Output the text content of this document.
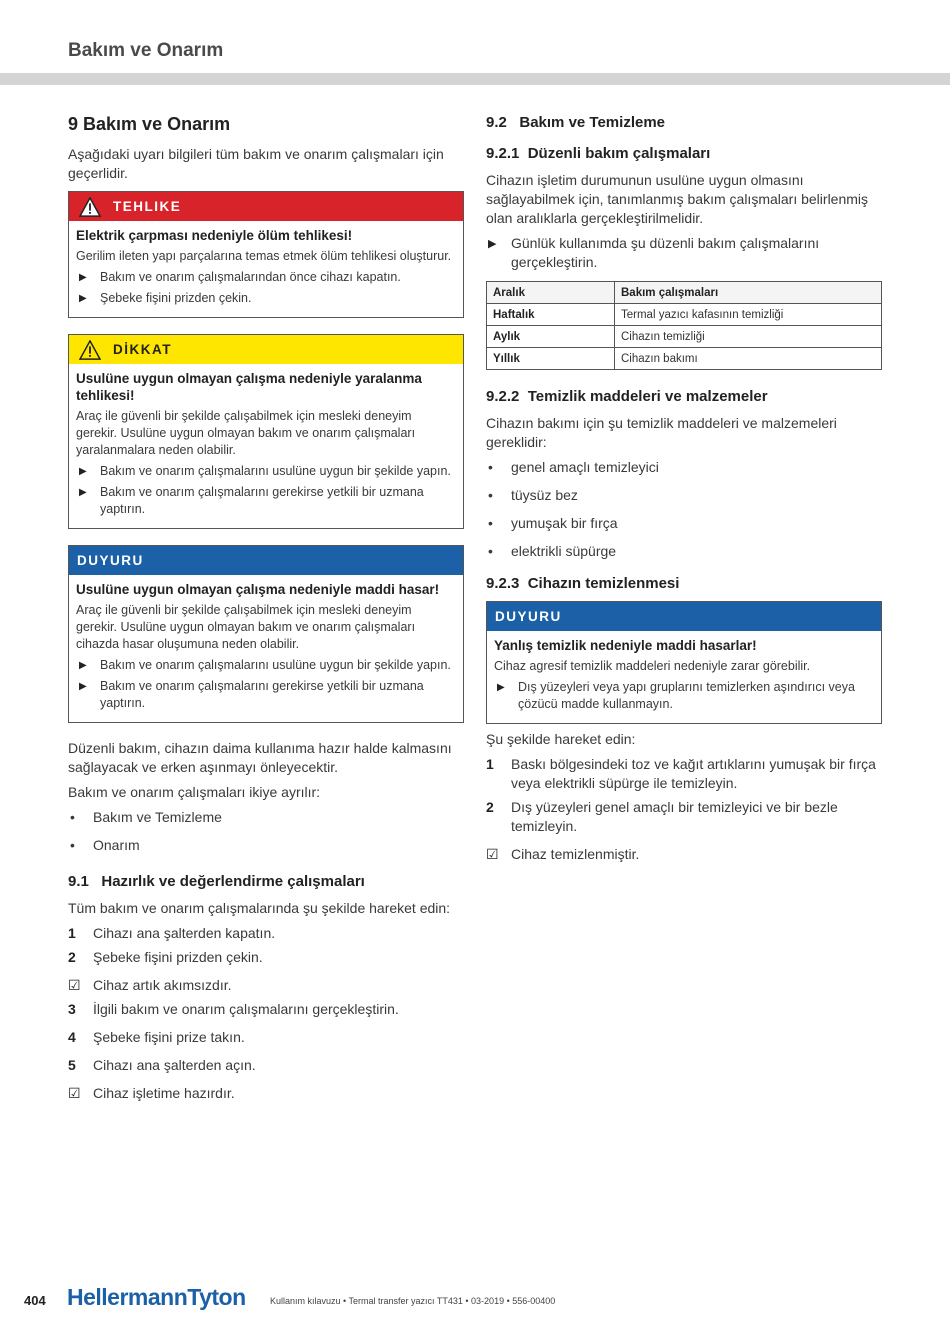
Bakım ve Onarım
9 Bakım ve Onarım
Aşağıdaki uyarı bilgileri tüm bakım ve onarım çalışmaları için geçerlidir.
TEHLIKE
Elektrik çarpması nedeniyle ölüm tehlikesi!
Gerilim ileten yapı parçalarına temas etmek ölüm tehlikesi oluşturur.
▶	Bakım ve onarım çalışmalarından önce cihazı kapatın.
▶	Şebeke fişini prizden çekin.
DİKKAT
Usulüne uygun olmayan çalışma nedeniyle yaralanma tehlikesi!
Araç ile güvenli bir şekilde çalışabilmek için mesleki deneyim gerekir. Usulüne uygun olmayan bakım ve onarım çalışmaları yaralanmalara neden olabilir.
▶	Bakım ve onarım çalışmalarını usulüne uygun bir şekilde yapın.
▶	Bakım ve onarım çalışmalarını gerekirse yetkili bir uzmana yaptırın.
DUYURU
Usulüne uygun olmayan çalışma nedeniyle maddi hasar!
Araç ile güvenli bir şekilde çalışabilmek için mesleki deneyim gerekir. Usulüne uygun olmayan bakım ve onarım çalışmaları cihazda hasar oluşumuna neden olabilir.
▶	Bakım ve onarım çalışmalarını usulüne uygun bir şekilde yapın.
▶	Bakım ve onarım çalışmalarını gerekirse yetkili bir uzmana yaptırın.
Düzenli bakım, cihazın daima kullanıma hazır halde kalmasını sağlayacak ve erken aşınmayı önleyecektir.
Bakım ve onarım çalışmaları ikiye ayrılır:
•	Bakım ve Temizleme
•	Onarım
9.1 Hazırlık ve değerlendirme çalışmaları
Tüm bakım ve onarım çalışmalarında şu şekilde hareket edin:
1	Cihazı ana şalterden kapatın.
2	Şebeke fişini prizden çekin.
☑ Cihaz artık akımsızdır.
3	İlgili bakım ve onarım çalışmalarını gerçekleştirin.
4	Şebeke fişini prize takın.
5	Cihazı ana şalterden açın.
☑ Cihaz işletime hazırdır.
9.2 Bakım ve Temizleme
9.2.1 Düzenli bakım çalışmaları
Cihazın işletim durumunun usulüne uygun olmasını sağlayabilmek için, tanımlanmış bakım çalışmaları belirlenmiş olan aralıklarla gerçekleştirilmelidir.
▶	Günlük kullanımda şu düzenli bakım çalışmalarını gerçekleştirin.
Aralık	Bakım çalışmaları
Haftalık	Termal yazıcı kafasının temizliği
Aylık	Cihazın temizliği
Yıllık	Cihazın bakımı
9.2.2 Temizlik maddeleri ve malzemeler
Cihazın bakımı için şu temizlik maddeleri ve malzemeleri gereklidir:
•	genel amaçlı temizleyici
•	tüysüz bez
•	yumuşak bir fırça
•	elektrikli süpürge
9.2.3 Cihazın temizlenmesi
DUYURU
Yanlış temizlik nedeniyle maddi hasarlar!
Cihaz agresif temizlik maddeleri nedeniyle zarar görebilir.
▶	Dış yüzeyleri veya yapı gruplarını temizlerken aşındırıcı veya çözücü madde kullanmayın.
Şu şekilde hareket edin:
1	Baskı bölgesindeki toz ve kağıt artıklarını yumuşak bir fırça veya elektrikli süpürge ile temizleyin.
2	Dış yüzeyleri genel amaçlı bir temizleyici ve bir bezle temizleyin.
☑ Cihaz temizlenmiştir.
404 HellermannTyton	Kullanım kılavuzu • Termal transfer yazıcı TT431 • 03-2019 • 556-00400
